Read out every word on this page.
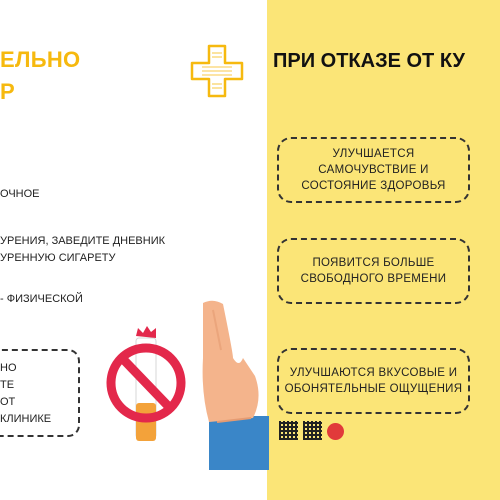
ЕЛЬНО
Р
ОЧНОЕ
УРЕНИЯ, ЗАВЕДИТЕ ДНЕВНИК
УРЕННУЮ СИГАРЕТУ
- ФИЗИЧЕСКОЙ
НО
ТЕ
ОТ
КЛИНИКЕ
ПРИ ОТКАЗЕ ОТ КУ
УЛУЧШАЕТСЯ
САМОЧУВСТВИЕ И
СОСТОЯНИЕ ЗДОРОВЬЯ
ПОЯВИТСЯ БОЛЬШЕ
СВОБОДНОГО ВРЕМЕНИ
УЛУЧШАЮТСЯ ВКУСОВЫЕ И
ОБОНЯТЕЛЬНЫЕ ОЩУЩЕНИЯ
